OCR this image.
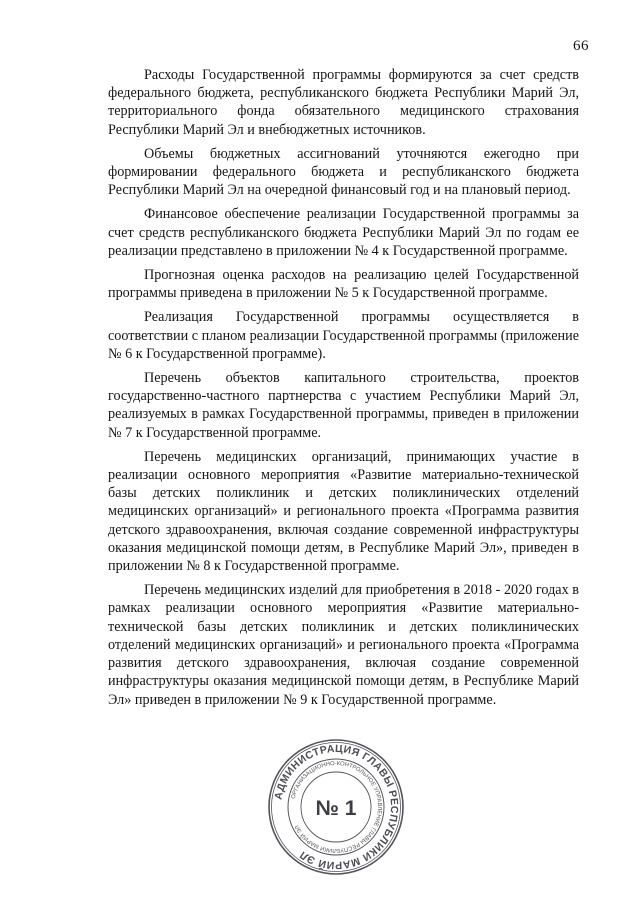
66

Расходы Государственной программы формируются за счет средств федерального бюджета, республиканского бюджета Республики Марий Эл, территориального фонда обязательного медицинского страхования Республики Марий Эл и внебюджетных источников.

Объемы бюджетных ассигнований уточняются ежегодно при формировании федерального бюджета и республиканского бюджета Республики Марий Эл на очередной финансовый год и на плановый период.

Финансовое обеспечение реализации Государственной программы за счет средств республиканского бюджета Республики Марий Эл по годам ее реализации представлено в приложении № 4 к Государственной программе.

Прогнозная оценка расходов на реализацию целей Государственной программы приведена в приложении № 5 к Государственной программе.

Реализация Государственной программы осуществляется в соответствии с планом реализации Государственной программы (приложение № 6 к Государственной программе).

Перечень объектов капитального строительства, проектов государственно-частного партнерства с участием Республики Марий Эл, реализуемых в рамках Государственной программы, приведен в приложении № 7 к Государственной программе.

Перечень медицинских организаций, принимающих участие в реализации основного мероприятия «Развитие материально-технической базы детских поликлиник и детских поликлинических отделений медицинских организаций» и регионального проекта «Программа развития детского здравоохранения, включая создание современной инфраструктуры оказания медицинской помощи детям, в Республике Марий Эл», приведен в приложении № 8 к Государственной программе.

Перечень медицинских изделий для приобретения в 2018 - 2020 годах в рамках реализации основного мероприятия «Развитие материально-технической базы детских поликлиник и детских поликлинических отделений медицинских организаций» и регионального проекта «Программа развития детского здравоохранения, включая создание современной инфраструктуры оказания медицинской помощи детям, в Республике Марий Эл» приведен в приложении № 9 к Государственной программе.

АДМИНИСТРАЦИЯ ГЛАВЫ РЕСПУБЛИКИ МАРИЙ ЭЛ
ОРГАНИЗАЦИОННО-КОНТРОЛЬНОЕ УПРАВЛЕНИЕ ГЛАВЫ РЕСПУБЛИКИ МАРИЙ ЭЛ
№ 1
